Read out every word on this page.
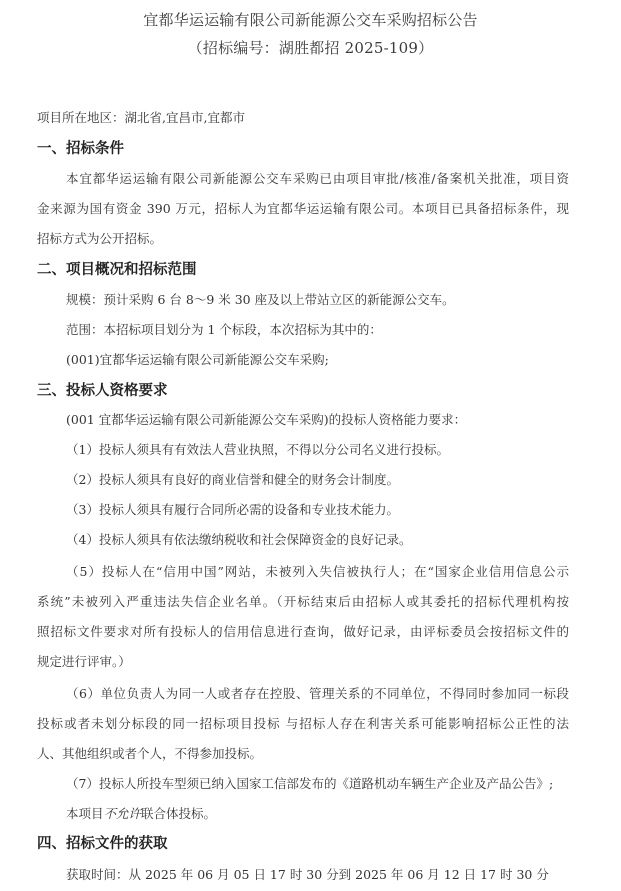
宜都华运运输有限公司新能源公交车采购招标公告
（招标编号：湖胜都招 2025-109）
项目所在地区：湖北省,宜昌市,宜都市
一、招标条件
本宜都华运运输有限公司新能源公交车采购已由项目审批/核准/备案机关批准，项目资
金来源为国有资金 390 万元，招标人为宜都华运运输有限公司。本项目已具备招标条件，现
招标方式为公开招标。
二、项目概况和招标范围
规模：预计采购 6 台 8～9 米 30 座及以上带站立区的新能源公交车。
范围：本招标项目划分为 1 个标段，本次招标为其中的：
(001)宜都华运运输有限公司新能源公交车采购;
三、投标人资格要求
(001 宜都华运运输有限公司新能源公交车采购)的投标人资格能力要求：
（1）投标人须具有有效法人营业执照，不得以分公司名义进行投标。
（2）投标人须具有良好的商业信誉和健全的财务会计制度。
（3）投标人须具有履行合同所必需的设备和专业技术能力。
（4）投标人须具有依法缴纳税收和社会保障资金的良好记录。
（5）投标人在“信用中国”网站，未被列入失信被执行人；在“国家企业信用信息公示
系统”未被列入严重违法失信企业名单。（开标结束后由招标人或其委托的招标代理机构按
照招标文件要求对所有投标人的信用信息进行查询，做好记录，由评标委员会按招标文件的
规定进行评审。）
（6）单位负责人为同一人或者存在控股、管理关系的不同单位，不得同时参加同一标段
投标或者未划分标段的同一招标项目投标 与招标人存在利害关系可能影响招标公正性的法
人、其他组织或者个人，不得参加投标。
（7）投标人所投车型须已纳入国家工信部发布的《道路机动车辆生产企业及产品公告》;
本项目不允许联合体投标。
四、招标文件的获取
获取时间：从 2025 年 06 月 05 日 17 时 30 分到 2025 年 06 月 12 日 17 时 30 分
